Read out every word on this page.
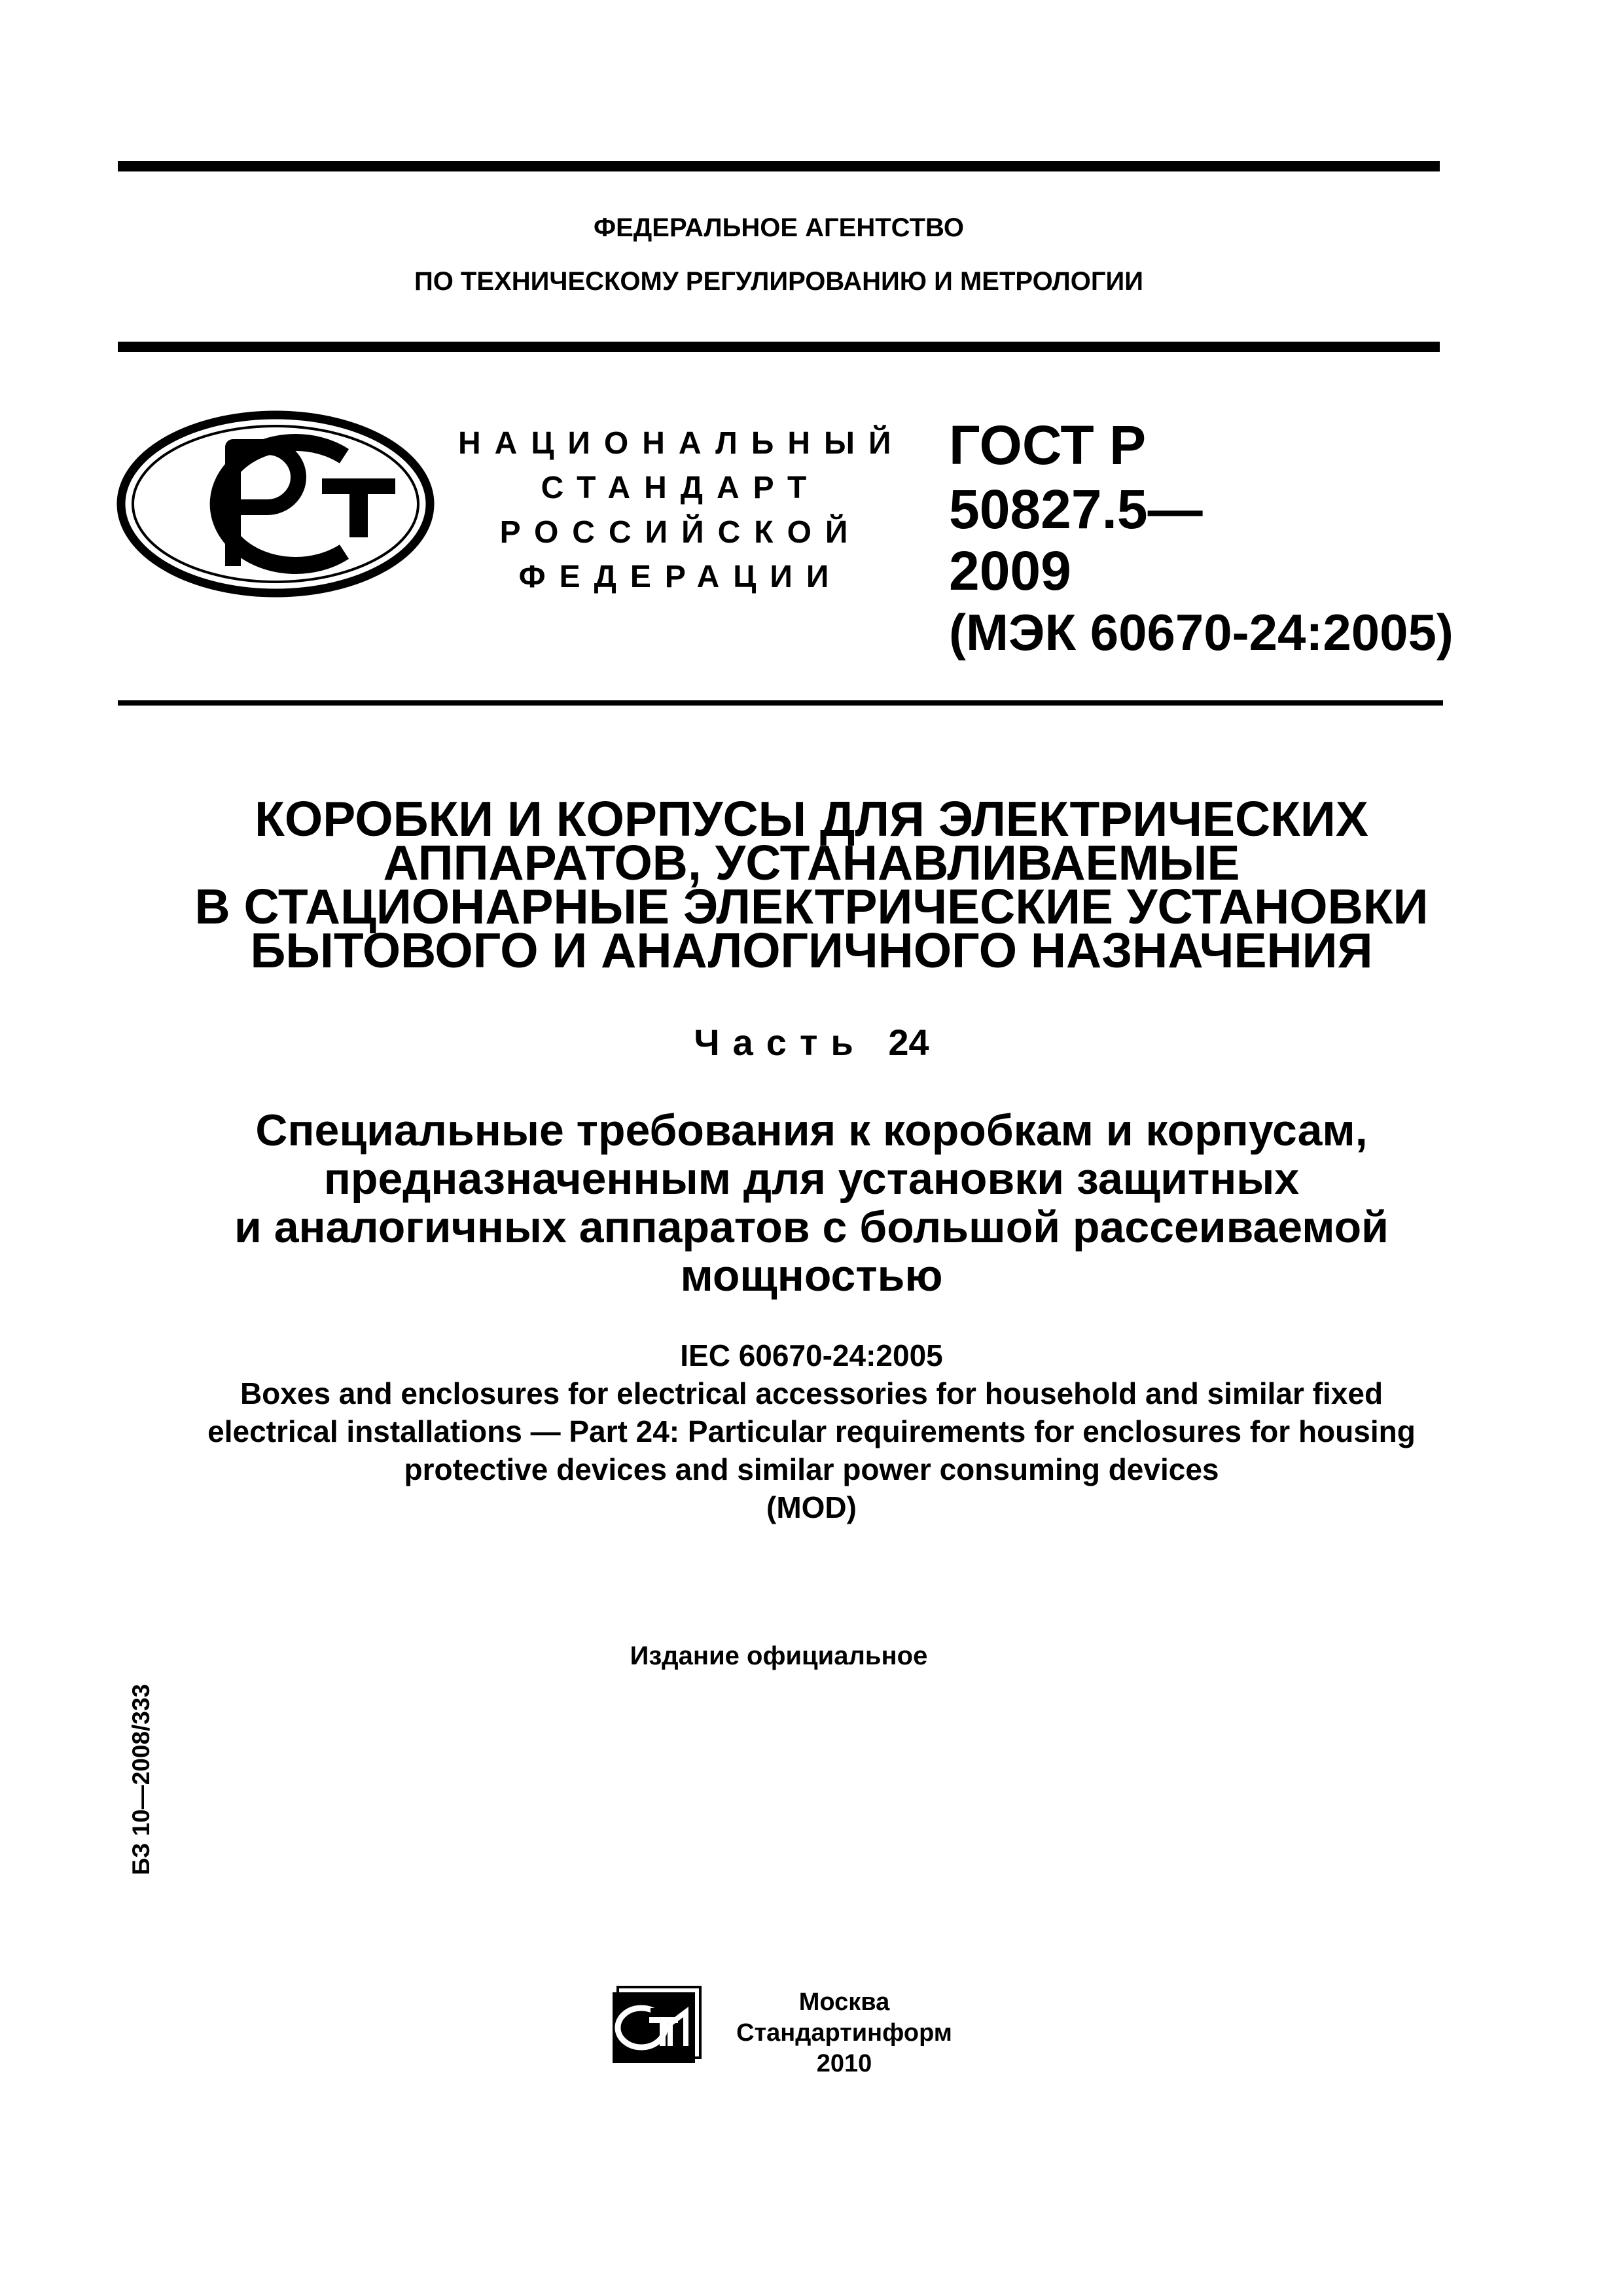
ФЕДЕРАЛЬНОЕ АГЕНТСТВО
ПО ТЕХНИЧЕСКОМУ РЕГУЛИРОВАНИЮ И МЕТРОЛОГИИ
НАЦИОНАЛЬНЫЙ
СТАНДАРТ
РОССИЙСКОЙ
ФЕДЕРАЦИИ
ГОСТ Р
50827.5—
2009
(МЭК 60670-24:2005)
КОРОБКИ И КОРПУСЫ ДЛЯ ЭЛЕКТРИЧЕСКИХ
АППАРАТОВ, УСТАНАВЛИВАЕМЫЕ
В СТАЦИОНАРНЫЕ ЭЛЕКТРИЧЕСКИЕ УСТАНОВКИ
БЫТОВОГО И АНАЛОГИЧНОГО НАЗНАЧЕНИЯ
Часть 24
Специальные требования к коробкам и корпусам,
предназначенным для установки защитных
и аналогичных аппаратов с большой рассеиваемой
мощностью
IEC 60670-24:2005
Boxes and enclosures for electrical accessories for household and similar fixed
electrical installations — Part 24: Particular requirements for enclosures for housing
protective devices and similar power consuming devices
(MOD)
Издание официальное
БЗ 10—2008/333
Москва
Стандартинформ
2010
